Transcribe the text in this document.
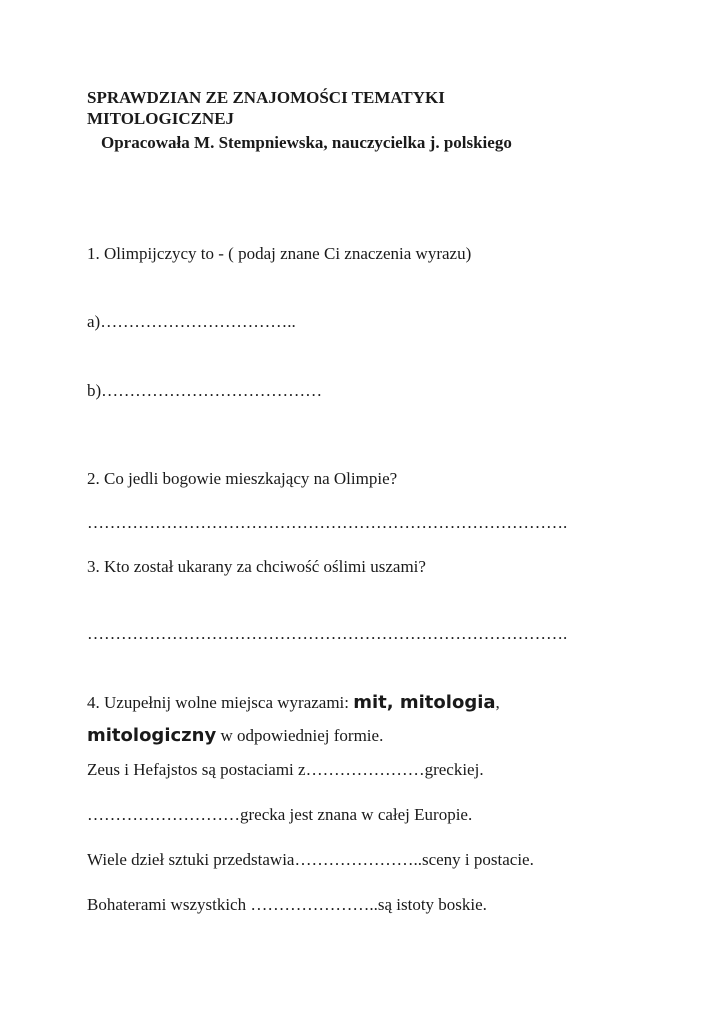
SPRAWDZIAN ZE ZNAJOMOŚCI TEMATYKI
MITOLOGICZNEJ
Opracowała M. Stempniewska, nauczycielka j. polskiego
1. Olimpijczycy to - ( podaj znane Ci znaczenia wyrazu)
a)……………………………..
b)…………………………………
2. Co jedli bogowie mieszkający na Olimpie?
………………………………………………………………………….
3. Kto został ukarany za chciwość oślimi uszami?
………………………………………………………………………….
4. Uzupełnij wolne miejsca wyrazami: mit, mitologia,
mitologiczny w odpowiedniej formie.
Zeus i Hefajstos są postaciami z…………………greckiej.
………………………grecka jest znana w całej Europie.
Wiele dzieł sztuki przedstawia…………………..sceny i postacie.
Bohaterami wszystkich …………………..są istoty boskie.
